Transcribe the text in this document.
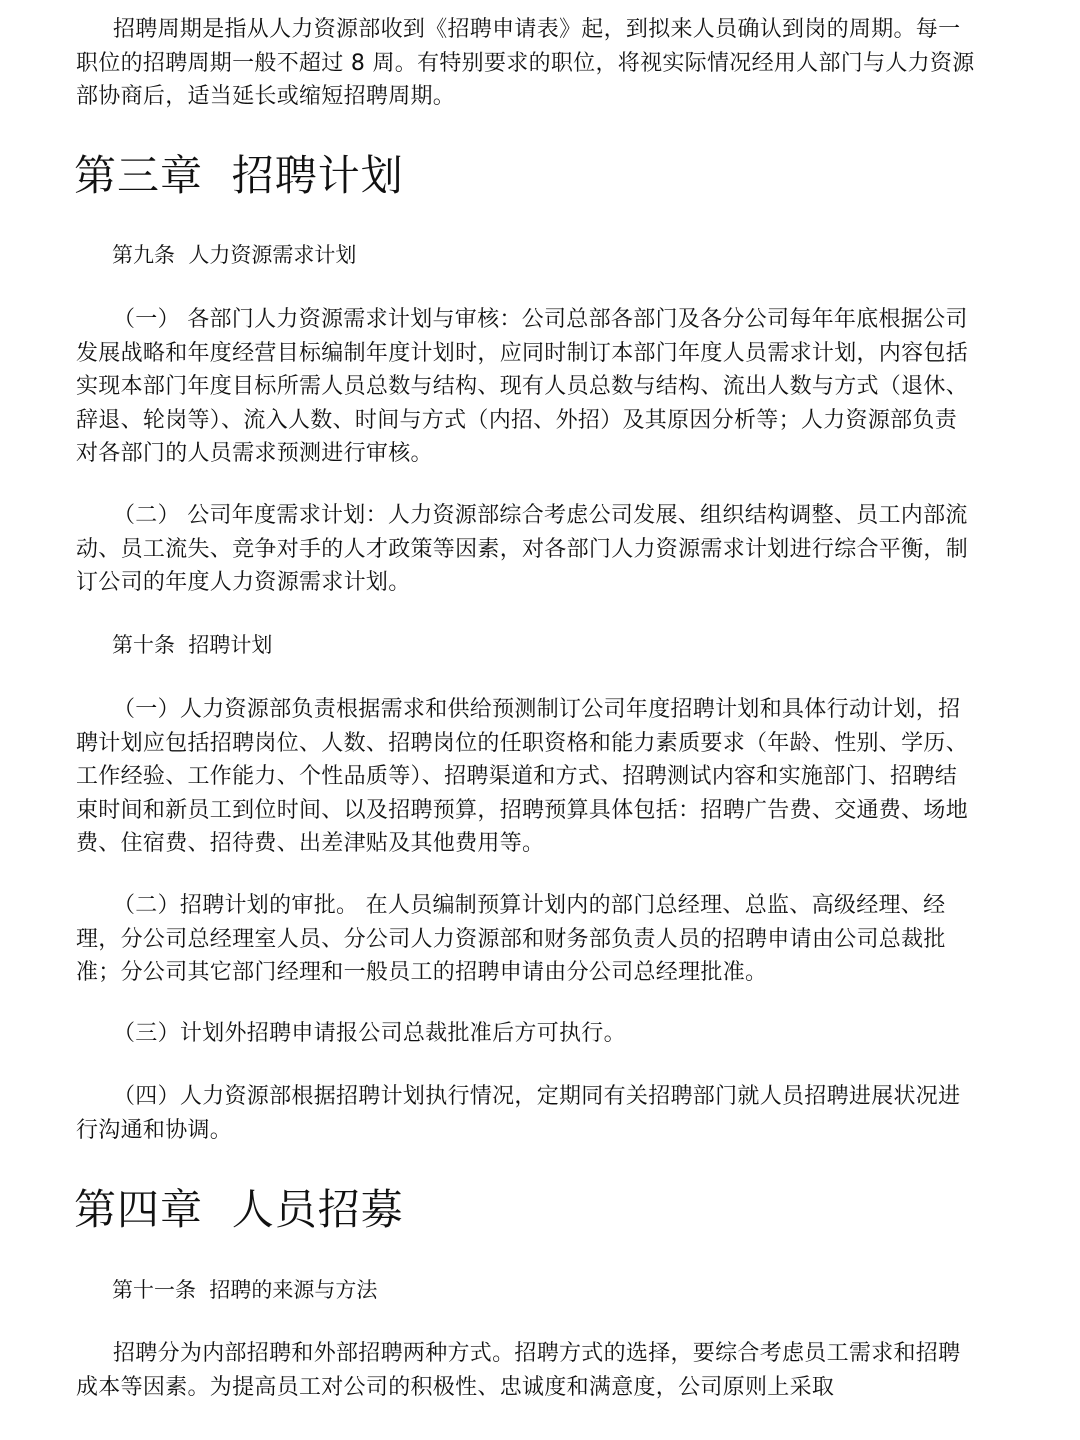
招聘周期是指从人力资源部收到《招聘申请表》起，到拟来人员确认到岗的周期。每一职位的招聘周期一般不超过 8 周。有特别要求的职位，将视实际情况经用人部门与人力资源部协商后，适当延长或缩短招聘周期。

第三章  招聘计划
第九条  人力资源需求计划

（一） 各部门人力资源需求计划与审核：公司总部各部门及各分公司每年年底根据公司发展战略和年度经营目标编制年度计划时，应同时制订本部门年度人员需求计划，内容包括实现本部门年度目标所需人员总数与结构、现有人员总数与结构、流出人数与方式（退休、辞退、轮岗等）、流入人数、时间与方式（内招、外招）及其原因分析等；人力资源部负责对各部门的人员需求预测进行审核。

（二） 公司年度需求计划：人力资源部综合考虑公司发展、组织结构调整、员工内部流动、员工流失、竞争对手的人才政策等因素，对各部门人力资源需求计划进行综合平衡，制订公司的年度人力资源需求计划。

第十条  招聘计划

（一）人力资源部负责根据需求和供给预测制订公司年度招聘计划和具体行动计划，招聘计划应包括招聘岗位、人数、招聘岗位的任职资格和能力素质要求（年龄、性别、学历、工作经验、工作能力、个性品质等）、招聘渠道和方式、招聘测试内容和实施部门、招聘结束时间和新员工到位时间、以及招聘预算，招聘预算具体包括：招聘广告费、交通费、场地费、住宿费、招待费、出差津贴及其他费用等。

（二）招聘计划的审批。 在人员编制预算计划内的部门总经理、总监、高级经理、经理，分公司总经理室人员、分公司人力资源部和财务部负责人员的招聘申请由公司总裁批准；分公司其它部门经理和一般员工的招聘申请由分公司总经理批准。

（三）计划外招聘申请报公司总裁批准后方可执行。

（四）人力资源部根据招聘计划执行情况，定期同有关招聘部门就人员招聘进展状况进行沟通和协调。

第四章  人员招募
第十一条  招聘的来源与方法

招聘分为内部招聘和外部招聘两种方式。招聘方式的选择，要综合考虑员工需求和招聘成本等因素。为提高员工对公司的积极性、忠诚度和满意度，公司原则上采取
